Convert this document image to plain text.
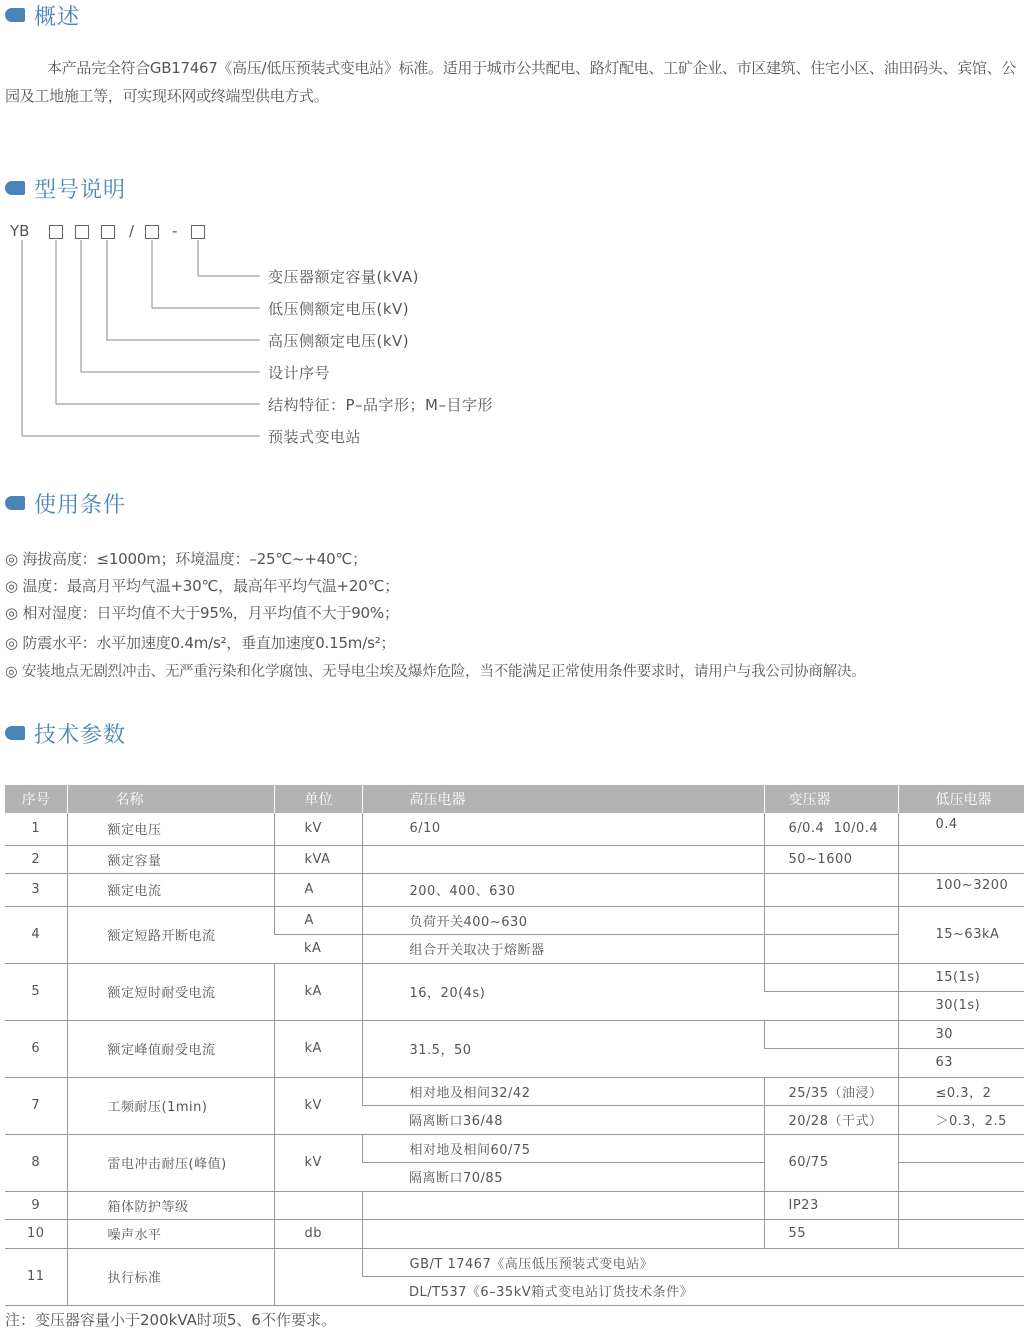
概述
本产品完全符合GB17467《高压/低压预装式变电站》标准。适用于城市公共配电、路灯配电、工矿企业、市区建筑、住宅小区、油田码头、宾馆、公园及工地施工等，可实现环网或终端型供电方式。
型号说明
YB	/	-
变压器额定容量(kVA)
低压侧额定电压(kV)
高压侧额定电压(kV)
设计序号
结构特征：P–品字形；M–目字形
预装式变电站
使用条件
◎ 海拔高度：≤1000m；环境温度：–25℃~+40℃；
◎ 温度：最高月平均气温+30℃，最高年平均气温+20℃；
◎ 相对湿度：日平均值不大于95%，月平均值不大于90%；
◎ 防震水平：水平加速度0.4m/s²，垂直加速度0.15m/s²；
◎ 安装地点无剧烈冲击、无严重污染和化学腐蚀、无导电尘埃及爆炸危险，当不能满足正常使用条件要求时，请用户与我公司协商解决。
技术参数
序号	名称	单位	高压电器	变压器	低压电器
1	额定电压	kV	6/10	6/0.4  10/0.4	0.4
2	额定容量	kVA		50~1600	
3	额定电流	A	200、400、630		100~3200
4	额定短路开断电流	A	负荷开关400~630		15~63kA
		kA	组合开关取决于熔断器		
5	额定短时耐受电流	kA	16，20(4s)		15(1s)
					30(1s)
6	额定峰值耐受电流	kA	31.5，50		30
					63
7	工频耐压(1min)	kV	相对地及相间32/42	25/35（油浸）	≤0.3，2
			隔离断口36/48	20/28（干式）	＞0.3，2.5
8	雷电冲击耐压(峰值)	kV	相对地及相间60/75	60/75	
			隔离断口70/85		
9	箱体防护等级			IP23	
10	噪声水平	db		55	
11	执行标准		GB/T 17467《高压低压预装式变电站》		
			DL/T537《6–35kV箱式变电站订货技术条件》		
注：变压器容量小于200kVA时项5、6不作要求。
